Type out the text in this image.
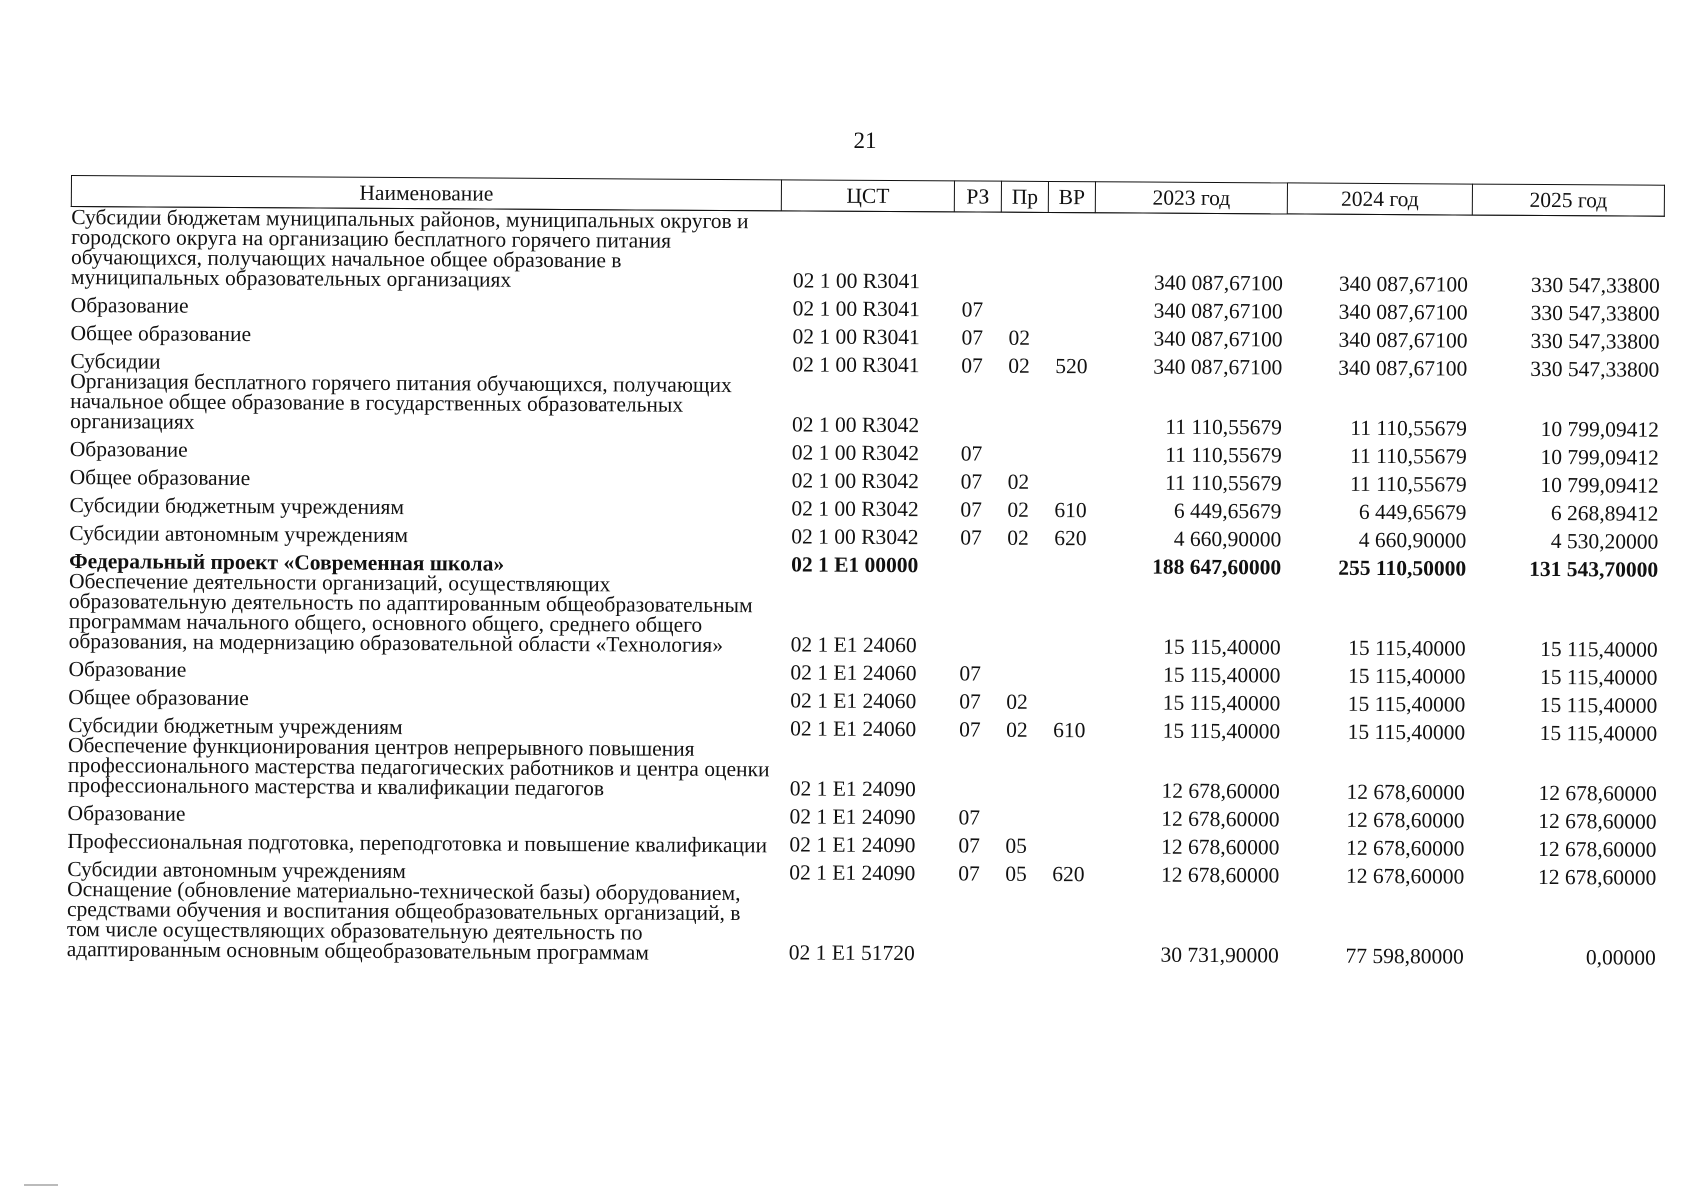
21
Наименование	ЦСТ	РЗ	Пр	ВР	2023 год	2024 год	2025 год
Субсидии бюджетам муниципальных районов, муниципальных округов и городского округа на организацию бесплатного горячего питания обучающихся, получающих начальное общее образование в муниципальных образовательных организациях	02 1 00 R3041				340 087,67100	340 087,67100	330 547,33800
Образование	02 1 00 R3041	07			340 087,67100	340 087,67100	330 547,33800
Общее образование	02 1 00 R3041	07	02		340 087,67100	340 087,67100	330 547,33800
Субсидии	02 1 00 R3041	07	02	520	340 087,67100	340 087,67100	330 547,33800
Организация бесплатного горячего питания обучающихся, получающих начальное общее образование в государственных образовательных организациях	02 1 00 R3042				11 110,55679	11 110,55679	10 799,09412
Образование	02 1 00 R3042	07			11 110,55679	11 110,55679	10 799,09412
Общее образование	02 1 00 R3042	07	02		11 110,55679	11 110,55679	10 799,09412
Субсидии бюджетным учреждениям	02 1 00 R3042	07	02	610	6 449,65679	6 449,65679	6 268,89412
Субсидии автономным учреждениям	02 1 00 R3042	07	02	620	4 660,90000	4 660,90000	4 530,20000
Федеральный проект «Современная школа»	02 1 E1 00000				188 647,60000	255 110,50000	131 543,70000
Обеспечение деятельности организаций, осуществляющих образовательную деятельность по адаптированным общеобразовательным программам начального общего, основного общего, среднего общего образования, на модернизацию образовательной области «Технология»	02 1 E1 24060				15 115,40000	15 115,40000	15 115,40000
Образование	02 1 E1 24060	07			15 115,40000	15 115,40000	15 115,40000
Общее образование	02 1 E1 24060	07	02		15 115,40000	15 115,40000	15 115,40000
Субсидии бюджетным учреждениям	02 1 E1 24060	07	02	610	15 115,40000	15 115,40000	15 115,40000
Обеспечение функционирования центров непрерывного повышения профессионального мастерства педагогических работников и центра оценки профессионального мастерства и квалификации педагогов	02 1 E1 24090				12 678,60000	12 678,60000	12 678,60000
Образование	02 1 E1 24090	07			12 678,60000	12 678,60000	12 678,60000
Профессиональная подготовка, переподготовка и повышение квалификации	02 1 E1 24090	07	05		12 678,60000	12 678,60000	12 678,60000
Субсидии автономным учреждениям	02 1 E1 24090	07	05	620	12 678,60000	12 678,60000	12 678,60000
Оснащение (обновление материально-технической базы) оборудованием, средствами обучения и воспитания общеобразовательных организаций, в том числе осуществляющих образовательную деятельность по адаптированным основным общеобразовательным программам	02 1 E1 51720				30 731,90000	77 598,80000	0,00000
